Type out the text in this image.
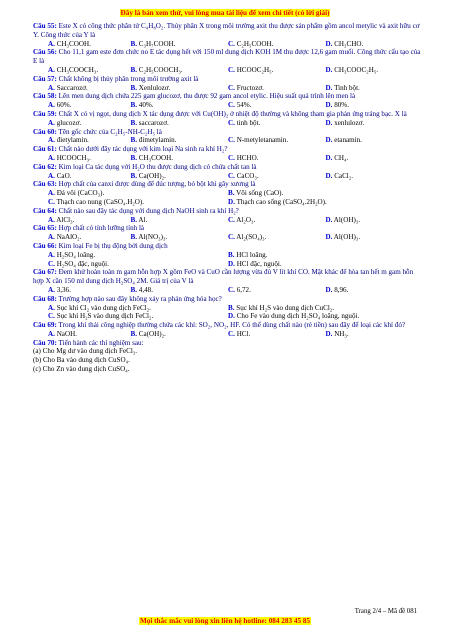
Đây là bản xem thử, vui lòng mua tài liệu để xem chi tiết (có lời giải)

Câu 55: Este X có công thức phân tử C₄H₈O₂. Thủy phân X trong môi trường axit thu được sản phẩm gồm ancol metylic và axit hữu cơ Y. Công thức của Y là

A. CH₃COOH.	B. C₃H₇COOH.	C. C₂H₅COOH.	D. CH₃CHO.

Câu 56: Cho 11,1 gam este đơn chức no E tác dụng hết với 150 ml dung dịch KOH 1M thu được 12,6 gam muối. Công thức cấu tạo của E là

A. CH₃COOCH₃.	B. C₂H₅COOCH₃.	C. HCOOC₂H₅.	D. CH₃COOC₂H₅.

Câu 57: Chất không bị thủy phân trong môi trường axit là

A. Saccarozơ.	B. Xenlulozơ.	C. Fructozơ.	D. Tinh bột.

Câu 58: Lên men dung dịch chứa 225 gam glucozơ, thu được 92 gam ancol etylic. Hiệu suất quá trình lên men là

A. 60%.	B. 40%.	C. 54%.	D. 80%.

Câu 59: Chất X có vị ngọt, dung dịch X tác dụng được với Cu(OH)₂ ở nhiệt độ thường và không tham gia phản ứng tráng bạc. X là

A. glucozơ.	B. saccarozơ.	C. tinh bột.	D. xenlulozơ.

Câu 60: Tên gốc chức của C₂H₅-NH-C₂H₅ là

A. đietylamin.	B. đimetylamin.	C. N-metyletanamin.	D. etanamin.

Câu 61: Chất nào dưới đây tác dụng với kim loại Na sinh ra khí H₂?

A. HCOOCH₃.	B. CH₃COOH.	C. HCHO.	D. CH₄.

Câu 62: Kim loại Ca tác dụng với H₂O thu được dung dịch có chứa chất tan là

A. CaO.	B. Ca(OH)₂.	C. CaCO₃.	D. CaCl₂.

Câu 63: Hợp chất của canxi được dùng để đúc tượng, bó bột khi gãy xương là

A. Đá vôi (CaCO₃).	B. Vôi sống (CaO).
C. Thạch cao nung (CaSO₄.H₂O).	D. Thạch cao sống (CaSO₄.2H₂O).

Câu 64: Chất nào sau đây tác dụng với dung dịch NaOH sinh ra khí H₂?

A. AlCl₃.	B. Al.	C. Al₂O₃.	D. Al(OH)₃.

Câu 65: Hợp chất có tính lưỡng tính là

A. NaAlO₂.	B. Al(NO₃)₃.	C. Al₂(SO₄)₃.	D. Al(OH)₃.

Câu 66: Kim loại Fe bị thụ động bởi dung dịch

A. H₂SO₄ loãng.	B. HCl loãng.
C. H₂SO₄ đặc, nguội.	D. HCl đặc, nguội.

Câu 67: Đem khử hoàn toàn m gam hỗn hợp X gồm FeO và CuO cần lượng vừa đủ V lít khí CO. Mặt khác để hòa tan hết m gam hỗn hợp X cần 150 ml dung dịch H₂SO₄ 2M. Giá trị của V là

A. 3,36.	B. 4,48.	C. 6,72.	D. 8,96.

Câu 68: Trường hợp nào sau đây không xảy ra phản ứng hóa học?

A. Sục khí Cl₂ vào dung dịch FeCl₂.	B. Sục khí H₂S vào dung dịch CuCl₂.
C. Sục khí H₂S vào dung dịch FeCl₂.	D. Cho Fe vào dung dịch H₂SO₄ loãng, nguội.

Câu 69: Trong khí thải công nghiệp thường chứa các khí: SO₂, NO₂, HF. Có thể dùng chất nào (rẻ tiền) sau đây để loại các khí đó?

A. NaOH.	B. Ca(OH)₂.	C. HCl.	D. NH₃.

Câu 70: Tiến hành các thí nghiệm sau:

(a) Cho Mg dư vào dung dịch FeCl₃.

(b) Cho Ba vào dung dịch CuSO₄.

(c) Cho Zn vào dung dịch CuSO₄.

Trang 2/4 – Mã đề 081
Mọi thắc mắc vui lòng xin liên hệ hotline: 084 283 45 85
